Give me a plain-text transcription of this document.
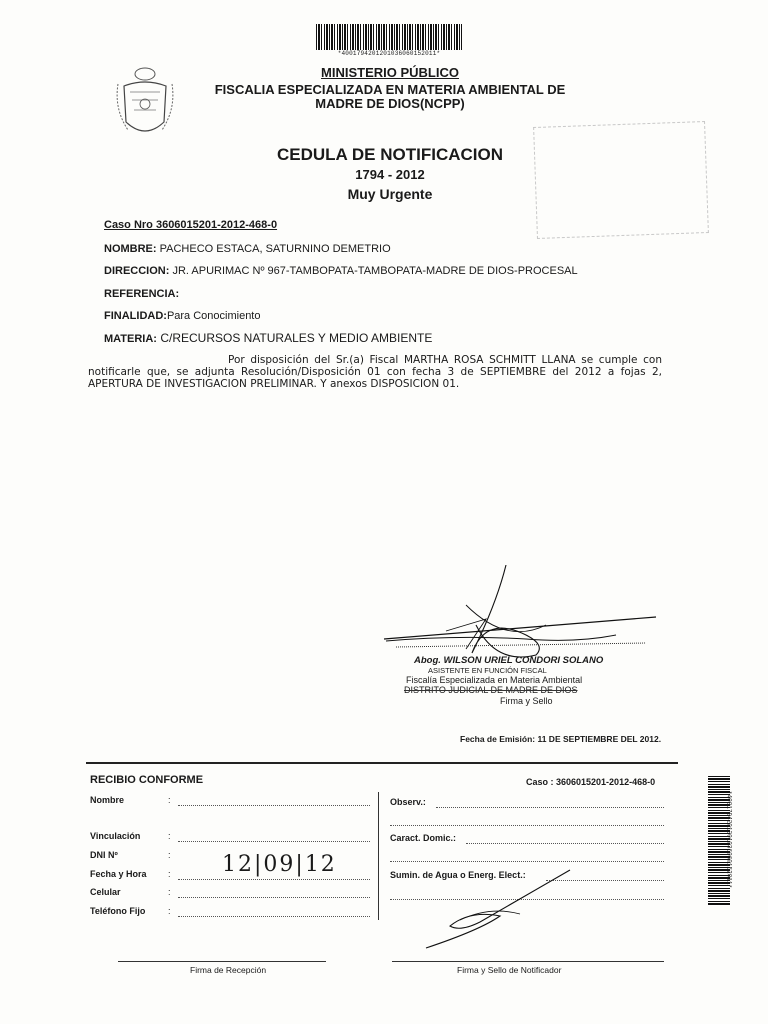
*4001794201201036060152011*
MINISTERIO PÚBLICO
FISCALIA ESPECIALIZADA EN MATERIA AMBIENTAL DE
MADRE DE DIOS(NCPP)

CEDULA DE NOTIFICACION
1794 - 2012
Muy Urgente
Caso Nro 3606015201-2012-468-0
NOMBRE: PACHECO ESTACA, SATURNINO DEMETRIO
DIRECCION: JR. APURIMAC Nº 967-TAMBOPATA-TAMBOPATA-MADRE DE DIOS-PROCESAL
REFERENCIA:
FINALIDAD:Para Conocimiento
MATERIA: C/RECURSOS NATURALES Y MEDIO AMBIENTE
Por disposición del Sr.(a) Fiscal MARTHA ROSA SCHMITT LLANA se cumple con notificarle que, se adjunta Resolución/Disposición 01 con fecha 3 de SEPTIEMBRE del 2012 a fojas 2, APERTURA DE INVESTIGACION PRELIMINAR. Y anexos DISPOSICION 01.
Abog. WILSON URIEL CONDORI SOLANO
ASISTENTE EN FUNCIÓN FISCAL
Fiscalía Especializada en Materia Ambiental
DISTRITO JUDICIAL DE MADRE DE DIOS
Firma y Sello
Fecha de Emisión: 11 DE SEPTIEMBRE DEL 2012.
RECIBIO CONFORME	Caso : 3606015201-2012-468-0
*4001794201201036060152011*
Nombre	:
Vinculación	:
DNI Nº	:
Fecha y Hora : 12|09|12
Celular	:
Teléfono Fijo	:
Observ.:
Caract. Domic.:
Sumin. de Agua o Energ. Elect.:
Firma de Recepción	Firma y Sello de Notificador
